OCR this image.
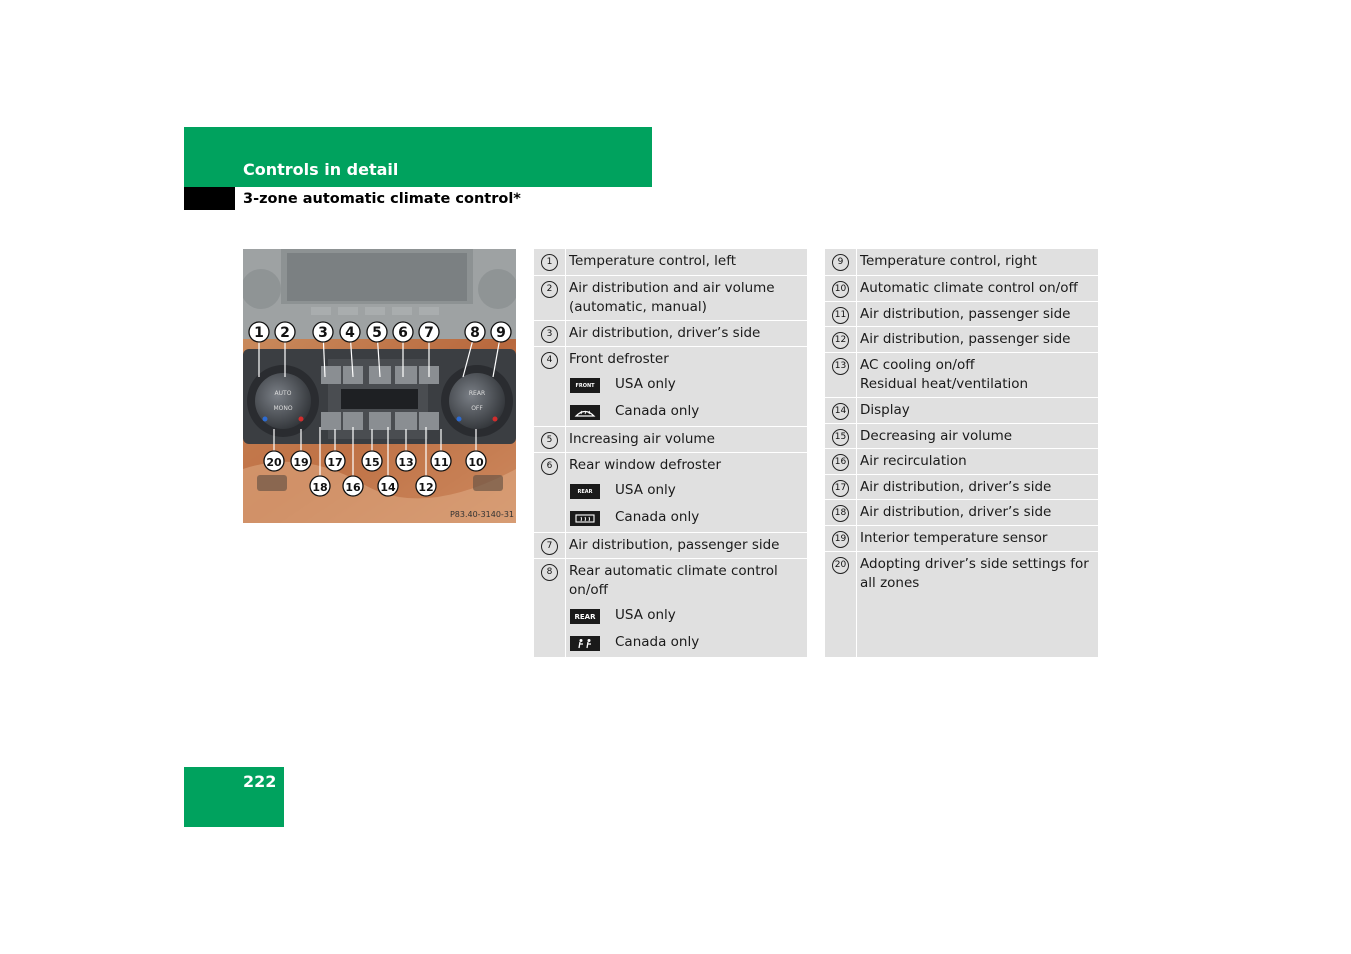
Controls in detail
3-zone automatic climate control*
AUTO
MONO
REAR
OFF
1 2 3 4 5 6 7	8 9
20 19 17 15 13 11 10
18 16 14 12
P83.40-3140-31
1	Temperature control, left
2	Air distribution and air volume (automatic, manual)
3	Air distribution, driver’s side
4	Front defroster
FRONT USA only
Canada only
5	Increasing air volume
6	Rear window defroster
REAR USA only
Canada only
7	Air distribution, passenger side
8	Rear automatic climate control on/off
REAR USA only
Canada only
9	Temperature control, right
10 Automatic climate control on/off
11 Air distribution, passenger side
12 Air distribution, passenger side
13 AC cooling on/off
Residual heat/ventilation
14 Display
15 Decreasing air volume
16 Air recirculation
17 Air distribution, driver’s side
18 Air distribution, driver’s side
19 Interior temperature sensor
20 Adopting driver’s side settings for all zones
222
